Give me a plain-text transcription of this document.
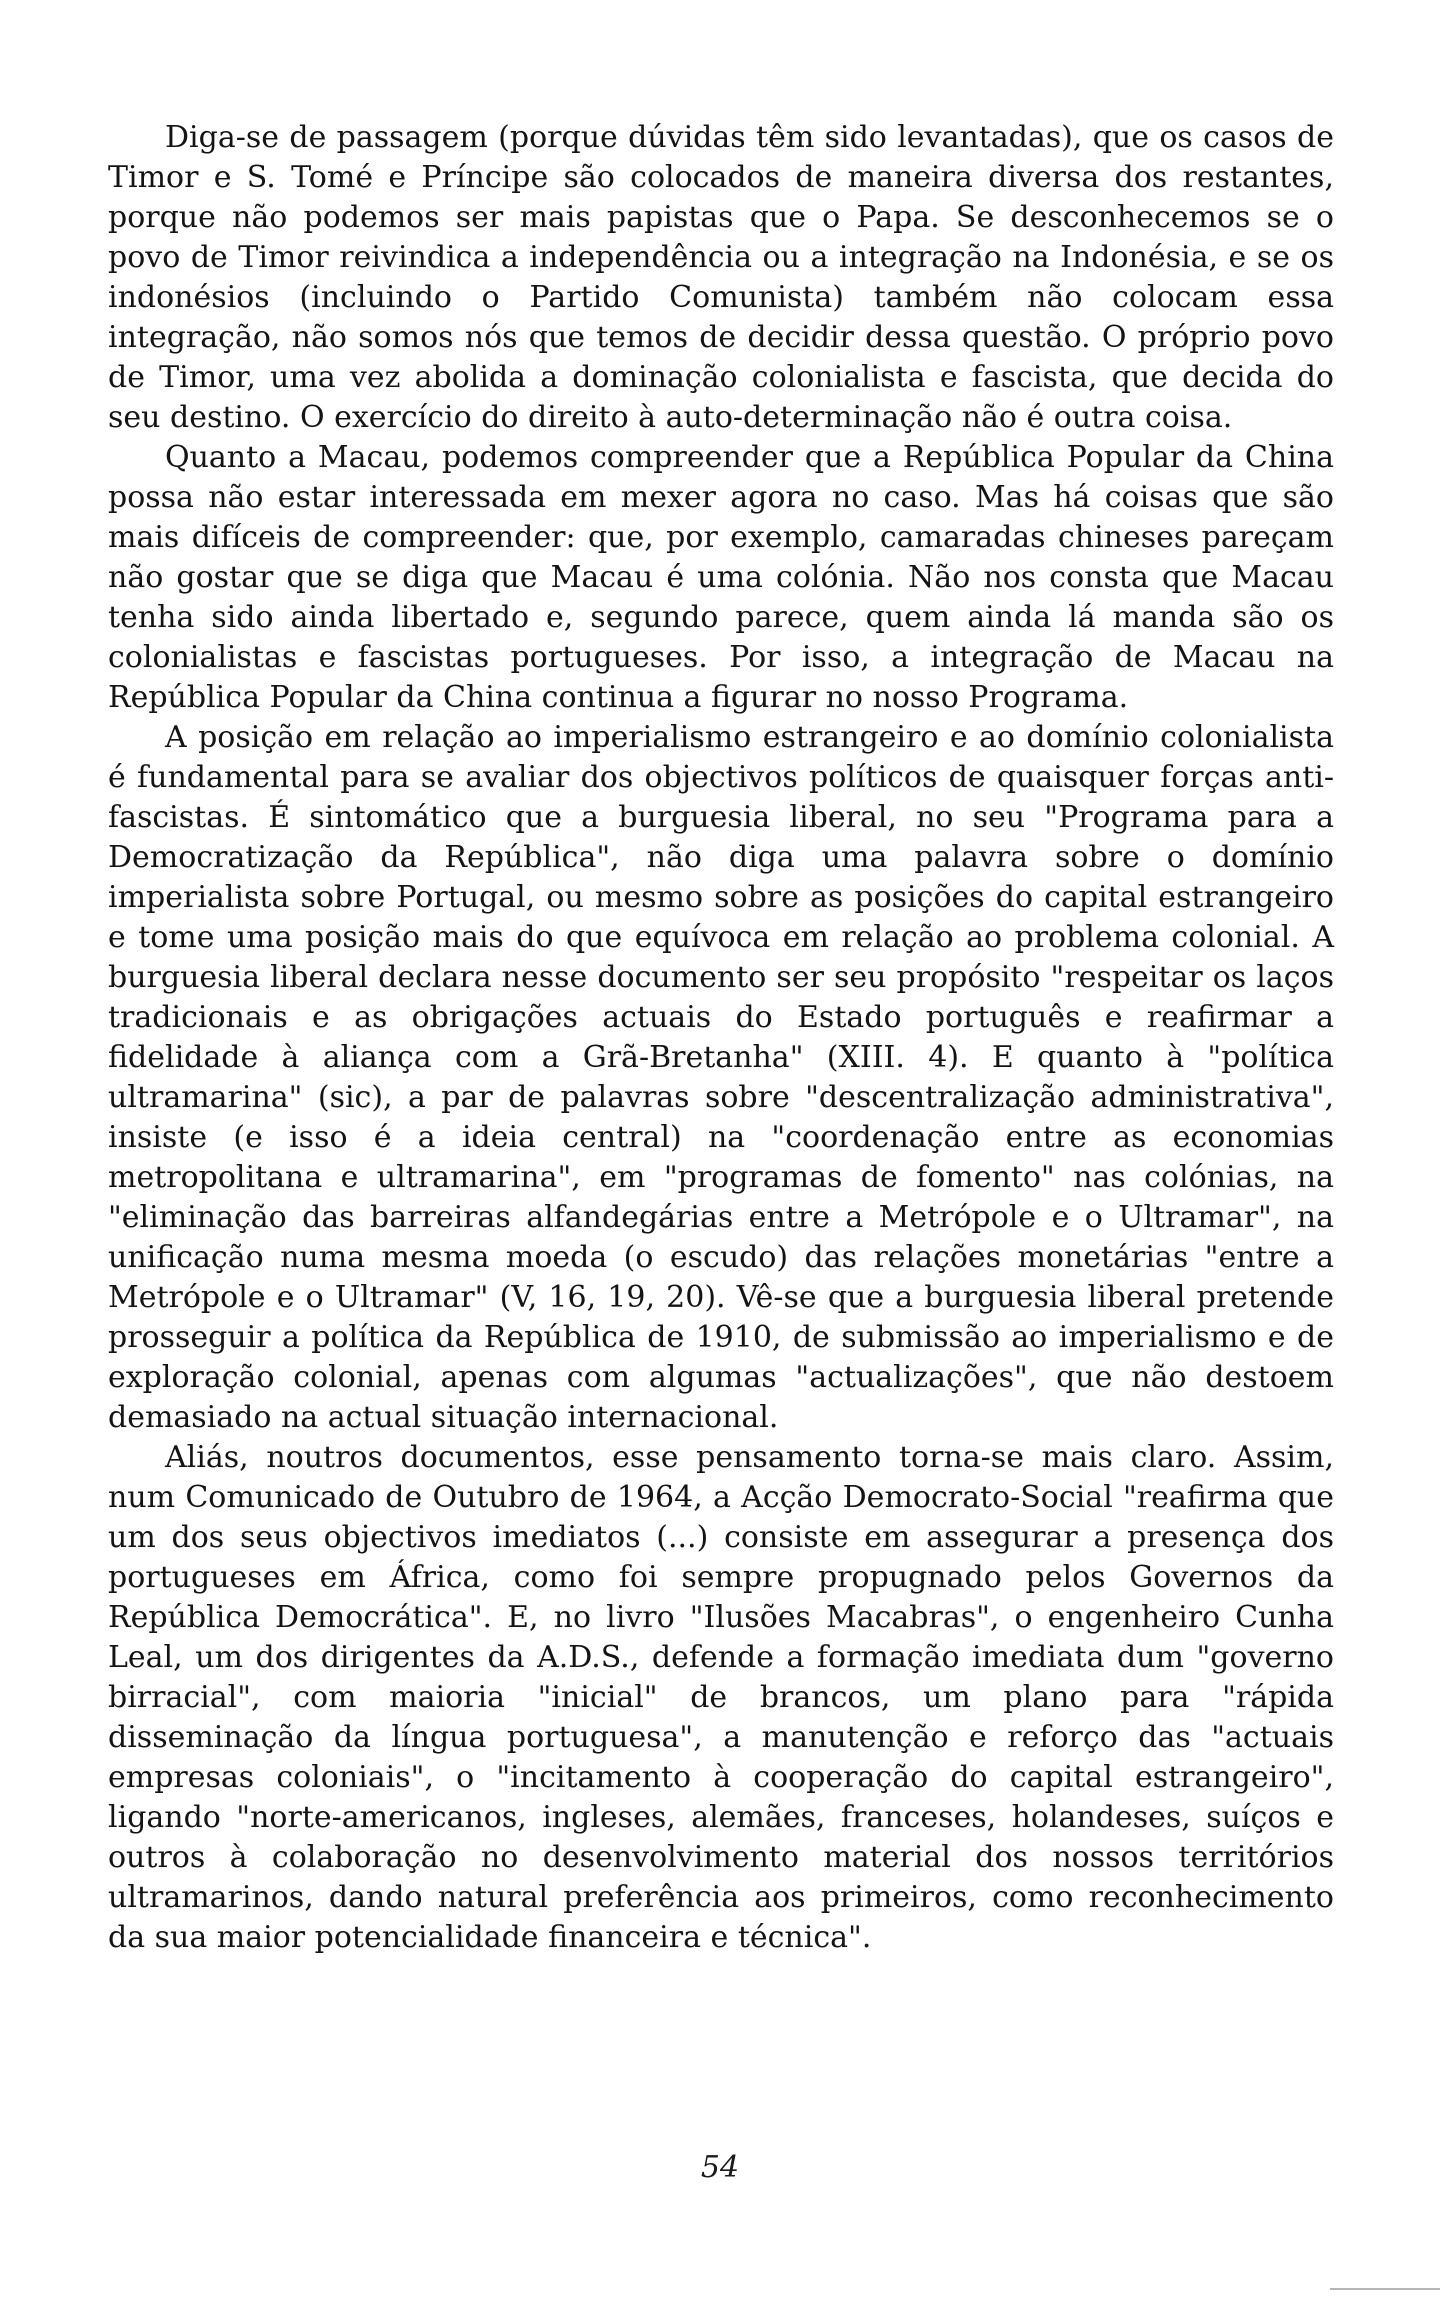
Diga-se de passagem (porque dúvidas têm sido levantadas), que os casos de Timor e S. Tomé e Príncipe são colocados de maneira diversa dos restantes, porque não podemos ser mais papistas que o Papa. Se desconhecemos se o povo de Timor reivindica a independência ou a integração na Indonésia, e se os indonésios (incluindo o Partido Comunista) também não colocam essa integração, não somos nós que temos de decidir dessa questão. O próprio povo de Timor, uma vez abolida a dominação colonialista e fascista, que decida do seu destino. O exercício do direito à auto-determinação não é outra coisa.

Quanto a Macau, podemos compreender que a República Popular da China possa não estar interessada em mexer agora no caso. Mas há coisas que são mais difíceis de compreender: que, por exemplo, camaradas chineses pareçam não gostar que se diga que Macau é uma colónia. Não nos consta que Macau tenha sido ainda libertado e, segundo parece, quem ainda lá manda são os colonialistas e fascistas portugueses. Por isso, a integração de Macau na República Popular da China continua a figurar no nosso Programa.

A posição em relação ao imperialismo estrangeiro e ao domínio colonialista é fundamental para se avaliar dos objectivos políticos de quaisquer forças anti-fascistas. É sintomático que a burguesia liberal, no seu "Programa para a Democratização da República", não diga uma palavra sobre o domínio imperialista sobre Portugal, ou mesmo sobre as posições do capital estrangeiro e tome uma posição mais do que equívoca em relação ao problema colonial. A burguesia liberal declara nesse documento ser seu propósito "respeitar os laços tradicionais e as obrigações actuais do Estado português e reafirmar a fidelidade à aliança com a Grã-Bretanha" (XIII. 4). E quanto à "política ultramarina" (sic), a par de palavras sobre "descentralização administrativa", insiste (e isso é a ideia central) na "coordenação entre as economias metropolitana e ultramarina", em "programas de fomento" nas colónias, na "eliminação das barreiras alfandegárias entre a Metrópole e o Ultramar", na unificação numa mesma moeda (o escudo) das relações monetárias "entre a Metrópole e o Ultramar" (V, 16, 19, 20). Vê-se que a burguesia liberal pretende prosseguir a política da República de 1910, de submissão ao imperialismo e de exploração colonial, apenas com algumas "actualizações", que não destoem demasiado na actual situação internacional.

Aliás, noutros documentos, esse pensamento torna-se mais claro. Assim, num Comunicado de Outubro de 1964, a Acção Democrato-Social "reafirma que um dos seus objectivos imediatos (...) consiste em assegurar a presença dos portugueses em África, como foi sempre propugnado pelos Governos da República Democrática". E, no livro "Ilusões Macabras", o engenheiro Cunha Leal, um dos dirigentes da A.D.S., defende a formação imediata dum "governo birracial", com maioria "inicial" de brancos, um plano para "rápida disseminação da língua portuguesa", a manutenção e reforço das "actuais empresas coloniais", o "incitamento à cooperação do capital estrangeiro", ligando "norte-americanos, ingleses, alemães, franceses, holandeses, suíços e outros à colaboração no desenvolvimento material dos nossos territórios ultramarinos, dando natural preferência aos primeiros, como reconhecimento da sua maior potencialidade financeira e técnica".

54
